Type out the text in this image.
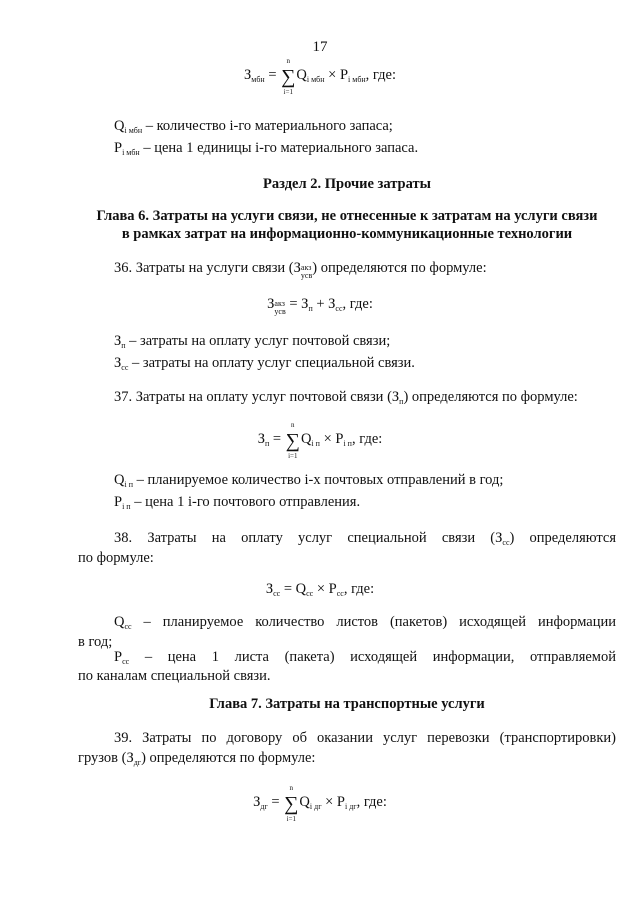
17
$З_{мбн}$ = ∑
n
i=1
$Q_{i мбн} \times P_{i мбн}$, где:
$Q_{i мбн}$ – количество i-го материального запаса;
$P_{i мбн}$ – цена 1 единицы i-го материального запаса.
Раздел 2. Прочие затраты
Глава 6. Затраты на услуги связи, не отнесенные к затратам на услуги связи
в рамках затрат на информационно-коммуникационные технологии
36. Затраты на услуги связи (Закз
усв) определяются по формуле:
Закз
усв = $З_п + З_{сс}$, где:
$З_п$ – затраты на оплату услуг почтовой связи;
$З_{сс}$ – затраты на оплату услуг специальной связи.
37. Затраты на оплату услуг почтовой связи $(З_п)$ определяются по формуле:
$З_п$ = ∑
n
i=1
$Q_{i п} \times P_{i п}$, где:
$Q_{i п}$ – планируемое количество i-х почтовых отправлений в год;
$P_{i п}$ – цена 1 i-го почтового отправления.
38. Затраты на оплату услуг специальной связи $(З_{сс})$ определяются
по формуле:
$З_{сс} = Q_{сс} \times P_{сс}$, где:
$Q_{сс}$ – планируемое количество листов (пакетов) исходящей информации
в год;
$P_{сс}$ – цена 1 листа (пакета) исходящей информации, отправляемой
по каналам специальной связи.
Глава 7. Затраты на транспортные услуги
39. Затраты по договору об оказании услуг перевозки (транспортировки)
грузов $(З_{дг})$ определяются по формуле:
$З_{дг}$ = ∑
n
i=1
$Q_{i дг} \times P_{i дг}$, где:
